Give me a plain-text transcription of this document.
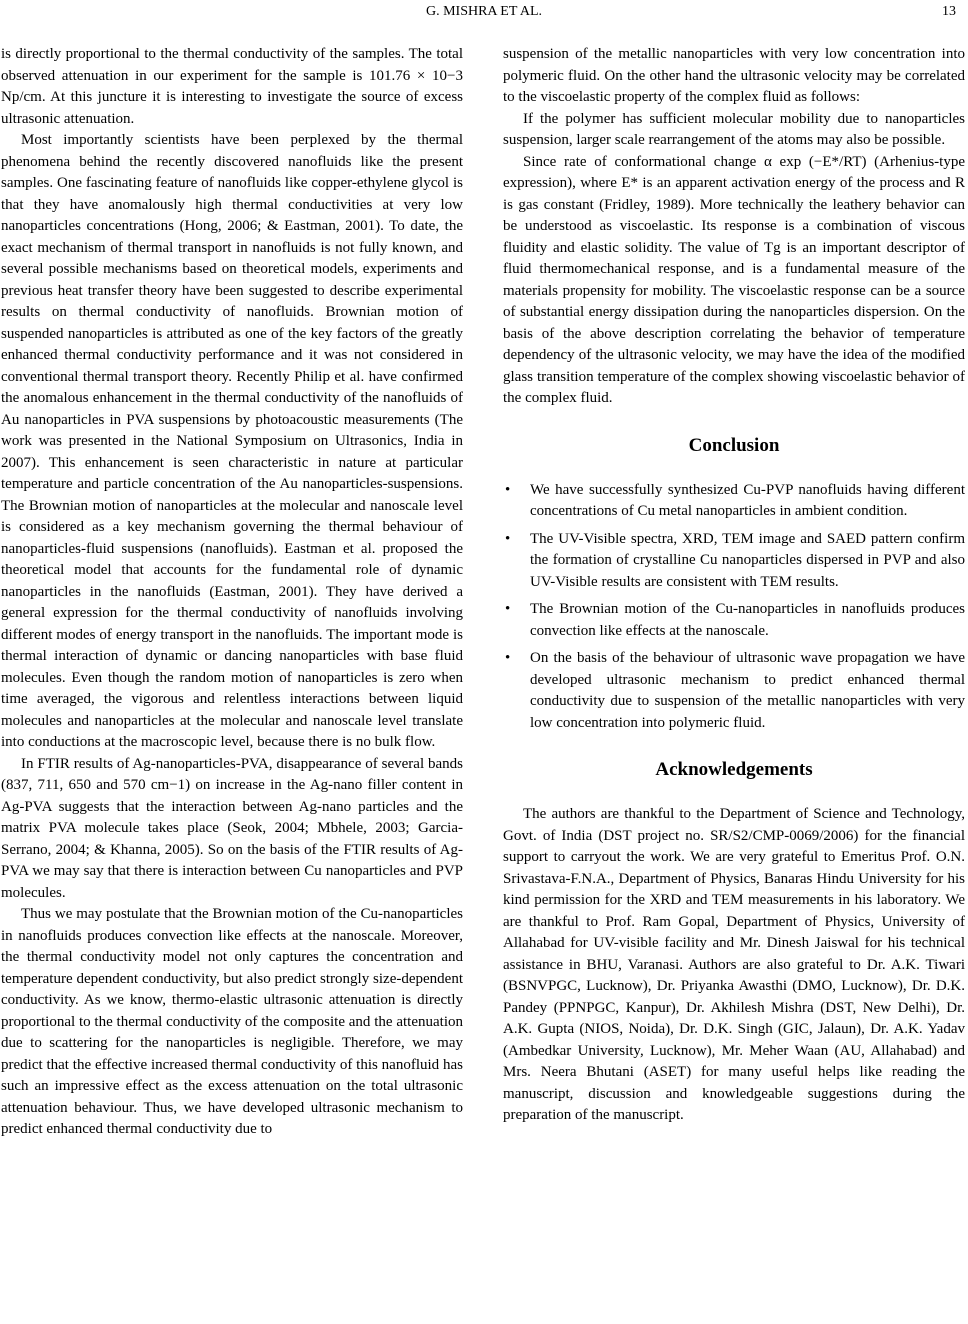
G. MISHRA ET AL.	13

is directly proportional to the thermal conductivity of the samples. The total observed attenuation in our experiment for the sample is 101.76 × 10−3 Np/cm. At this juncture it is interesting to investigate the source of excess ultrasonic attenuation.

Most importantly scientists have been perplexed by the thermal phenomena behind the recently discovered nanofluids like the present samples. One fascinating feature of nanofluids like copper-ethylene glycol is that they have anomalously high thermal conductivities at very low nanoparticles concentrations (Hong, 2006; & Eastman, 2001). To date, the exact mechanism of thermal transport in nanofluids is not fully known, and several possible mechanisms based on theoretical models, experiments and previous heat transfer theory have been suggested to describe experimental results on thermal conductivity of nanofluids. Brownian motion of suspended nanoparticles is attributed as one of the key factors of the greatly enhanced thermal conductivity performance and it was not considered in conventional thermal transport theory. Recently Philip et al. have confirmed the anomalous enhancement in the thermal conductivity of the nanofluids of Au nanoparticles in PVA suspensions by photoacoustic measurements (The work was presented in the National Symposium on Ultrasonics, India in 2007). This enhancement is seen characteristic in nature at particular temperature and particle concentration of the Au nanoparticles-suspensions. The Brownian motion of nanoparticles at the molecular and nanoscale level is considered as a key mechanism governing the thermal behaviour of nanoparticles-fluid suspensions (nanofluids). Eastman et al. proposed the theoretical model that accounts for the fundamental role of dynamic nanoparticles in the nanofluids (Eastman, 2001). They have derived a general expression for the thermal conductivity of nanofluids involving different modes of energy transport in the nanofluids. The important mode is thermal interaction of dynamic or dancing nanoparticles with base fluid molecules. Even though the random motion of nanoparticles is zero when time averaged, the vigorous and relentless interactions between liquid molecules and nanoparticles at the molecular and nanoscale level translate into conductions at the macroscopic level, because there is no bulk flow.

In FTIR results of Ag-nanoparticles-PVA, disappearance of several bands (837, 711, 650 and 570 cm−1) on increase in the Ag-nano filler content in Ag-PVA suggests that the interaction between Ag-nano particles and the matrix PVA molecule takes place (Seok, 2004; Mbhele, 2003; Garcia-Serrano, 2004; & Khanna, 2005). So on the basis of the FTIR results of Ag-PVA we may say that there is interaction between Cu nanoparticles and PVP molecules.

Thus we may postulate that the Brownian motion of the Cu-nanoparticles in nanofluids produces convection like effects at the nanoscale. Moreover, the thermal conductivity model not only captures the concentration and temperature dependent conductivity, but also predict strongly size-dependent conductivity. As we know, thermo-elastic ultrasonic attenuation is directly proportional to the thermal conductivity of the composite and the attenuation due to scattering for the nanoparticles is negligible. Therefore, we may predict that the effective increased thermal conductivity of this nanofluid has such an impressive effect as the excess attenuation on the total ultrasonic attenuation behaviour. Thus, we have developed ultrasonic mechanism to predict enhanced thermal conductivity due to

suspension of the metallic nanoparticles with very low concentration into polymeric fluid. On the other hand the ultrasonic velocity may be correlated to the viscoelastic property of the complex fluid as follows:

If the polymer has sufficient molecular mobility due to nanoparticles suspension, larger scale rearrangement of the atoms may also be possible.

Since rate of conformational change α exp (−E*/RT) (Arhenius-type expression), where E* is an apparent activation energy of the process and R is gas constant (Fridley, 1989). More technically the leathery behavior can be understood as viscoelastic. Its response is a combination of viscous fluidity and elastic solidity. The value of Tg is an important descriptor of fluid thermomechanical response, and is a fundamental measure of the materials propensity for mobility. The viscoelastic response can be a source of substantial energy dissipation during the nanoparticles dispersion. On the basis of the above description correlating the behavior of temperature dependency of the ultrasonic velocity, we may have the idea of the modified glass transition temperature of the complex showing viscoelastic behavior of the complex fluid.

Conclusion
• We have successfully synthesized Cu-PVP nanofluids having different concentrations of Cu metal nanoparticles in ambient condition.
• The UV-Visible spectra, XRD, TEM image and SAED pattern confirm the formation of crystalline Cu nanoparticles dispersed in PVP and also UV-Visible results are consistent with TEM results.
• The Brownian motion of the Cu-nanoparticles in nanofluids produces convection like effects at the nanoscale.
• On the basis of the behaviour of ultrasonic wave propagation we have developed ultrasonic mechanism to predict enhanced thermal conductivity due to suspension of the metallic nanoparticles with very low concentration into polymeric fluid.
Acknowledgements

The authors are thankful to the Department of Science and Technology, Govt. of India (DST project no. SR/S2/CMP-0069/2006) for the financial support to carryout the work. We are very grateful to Emeritus Prof. O.N. Srivastava-F.N.A., Department of Physics, Banaras Hindu University for his kind permission for the XRD and TEM measurements in his laboratory. We are thankful to Prof. Ram Gopal, Department of Physics, University of Allahabad for UV-visible facility and Mr. Dinesh Jaiswal for his technical assistance in BHU, Varanasi. Authors are also grateful to Dr. A.K. Tiwari (BSNVPGC, Lucknow), Dr. Priyanka Awasthi (DMO, Lucknow), Dr. D.K. Pandey (PPNPGC, Kanpur), Dr. Akhilesh Mishra (DST, New Delhi), Dr. A.K. Gupta (NIOS, Noida), Dr. D.K. Singh (GIC, Jalaun), Dr. A.K. Yadav (Ambedkar University, Lucknow), Mr. Meher Waan (AU, Allahabad) and Mrs. Neera Bhutani (ASET) for many useful helps like reading the manuscript, discussion and knowledgeable suggestions during the preparation of the manuscript.
